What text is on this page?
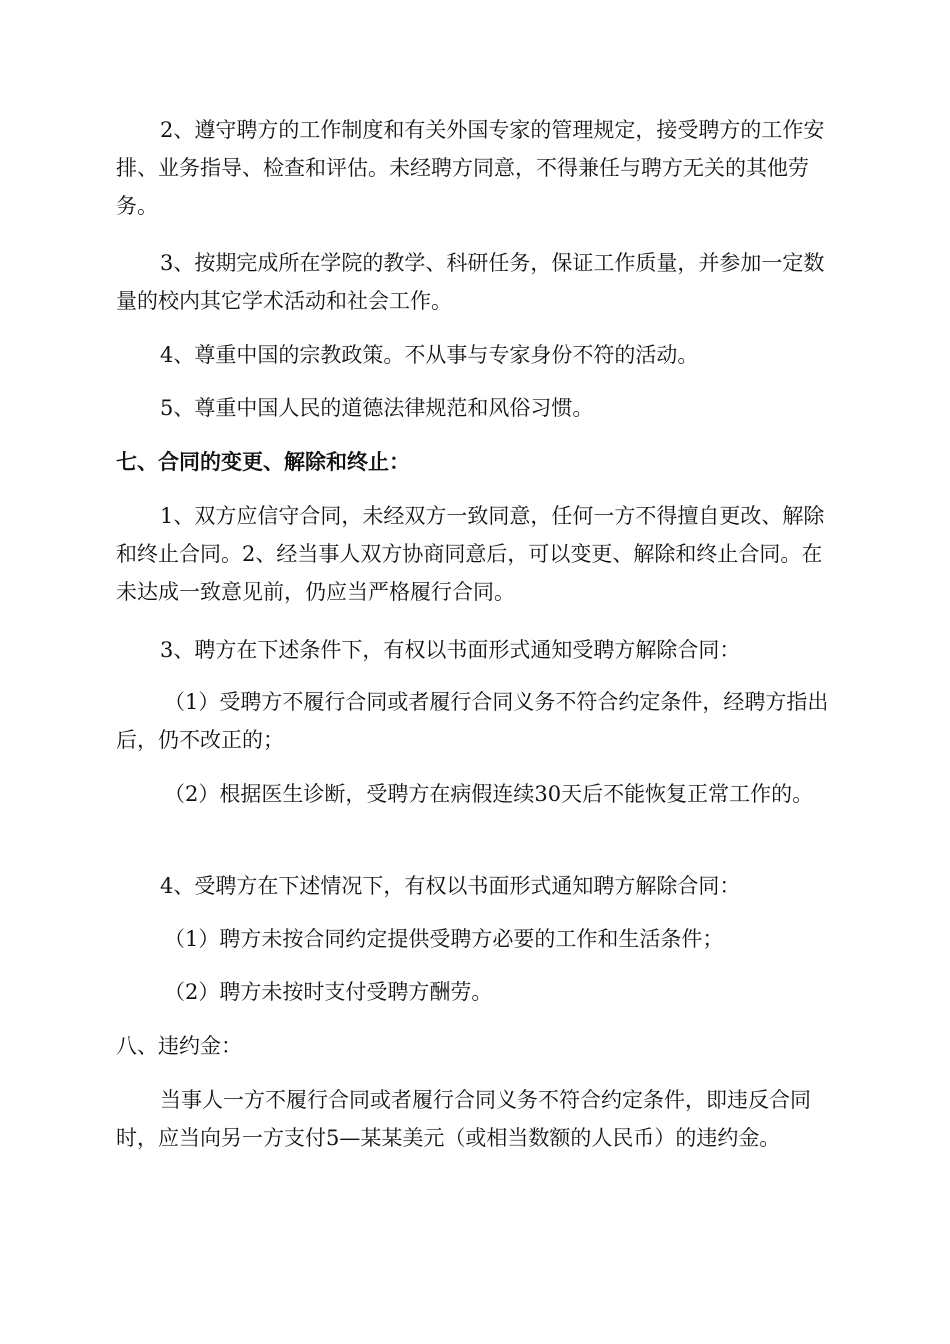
2、遵守聘方的工作制度和有关外国专家的管理规定，接受聘方的工作安排、业务指导、检查和评估。未经聘方同意，不得兼任与聘方无关的其他劳务。

3、按期完成所在学院的教学、科研任务，保证工作质量，并参加一定数量的校内其它学术活动和社会工作。

4、尊重中国的宗教政策。不从事与专家身份不符的活动。

5、尊重中国人民的道德法律规范和风俗习惯。

七、合同的变更、解除和终止：

1、双方应信守合同，未经双方一致同意，任何一方不得擅自更改、解除和终止合同。2、经当事人双方协商同意后，可以变更、解除和终止合同。在未达成一致意见前，仍应当严格履行合同。

3、聘方在下述条件下，有权以书面形式通知受聘方解除合同：

（1）受聘方不履行合同或者履行合同义务不符合约定条件，经聘方指出后，仍不改正的；

（2）根据医生诊断，受聘方在病假连续30天后不能恢复正常工作的。

4、受聘方在下述情况下，有权以书面形式通知聘方解除合同：

（1）聘方未按合同约定提供受聘方必要的工作和生活条件；

（2）聘方未按时支付受聘方酬劳。

八、违约金：

当事人一方不履行合同或者履行合同义务不符合约定条件，即违反合同时，应当向另一方支付5—某某美元（或相当数额的人民币）的违约金。
